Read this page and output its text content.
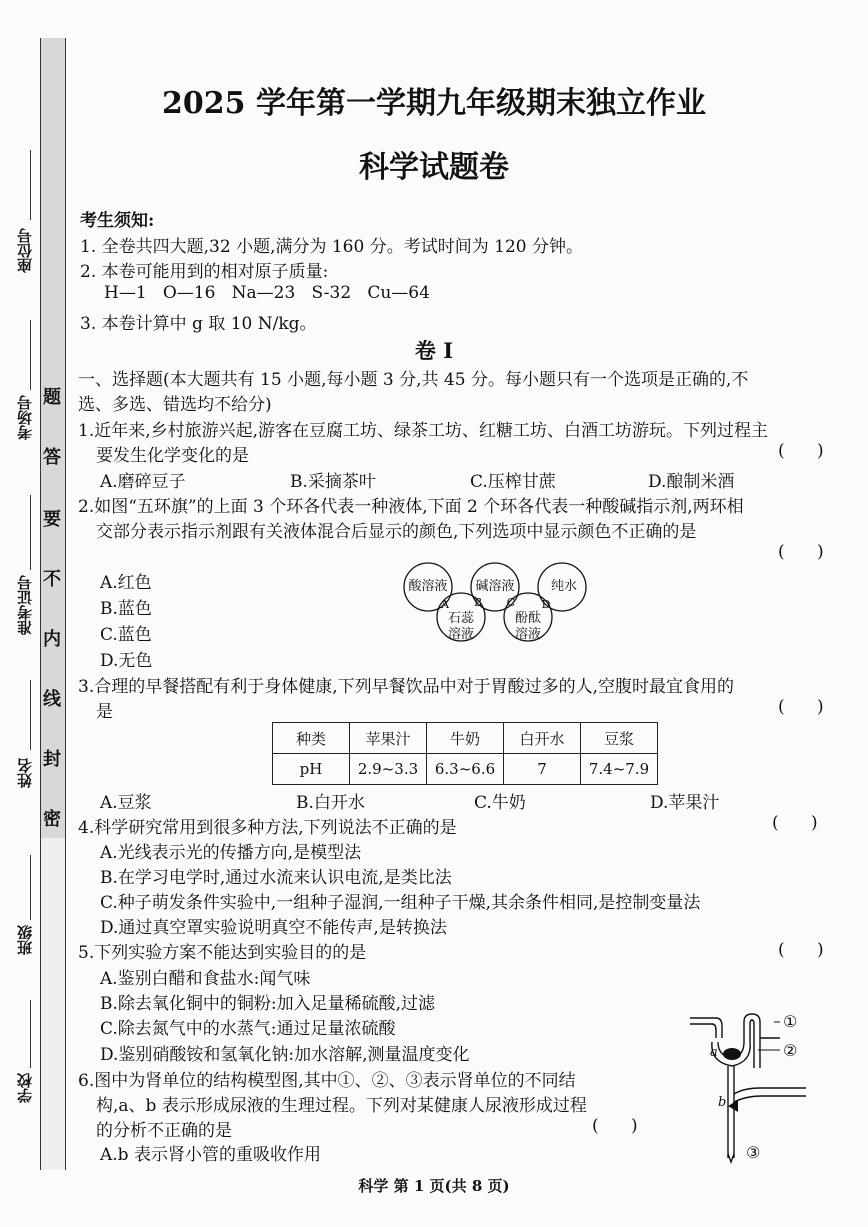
题
答
要
不
内
线
封
密
座位号
考场号
准考证号
姓名
班级
学校
2025 学年第一学期九年级期末独立作业
科学试题卷
考生须知:
1. 全卷共四大题,32 小题,满分为 160 分。考试时间为 120 分钟。
2. 本卷可能用到的相对原子质量:
H—1   O—16   Na—23   S-32   Cu—64
3. 本卷计算中 g 取 10 N/kg。
卷 I
一、选择题(本大题共有 15 小题,每小题 3 分,共 45 分。每小题只有一个选项是正确的,不
选、多选、错选均不给分)
1.近年来,乡村旅游兴起,游客在豆腐工坊、绿茶工坊、红糖工坊、白酒工坊游玩。下列过程主
要发生化学变化的是	(      )
A.磨碎豆子	B.采摘茶叶	C.压榨甘蔗	D.酿制米酒
2.如图“五环旗”的上面 3 个环各代表一种液体,下面 2 个环各代表一种酸碱指示剂,两环相
交部分表示指示剂跟有关液体混合后显示的颜色,下列选项中显示颜色不正确的是
(      )
A.红色
B.蓝色
C.蓝色
D.无色
酸溶液 碱溶液	纯水
石蕊
溶液
酚酞
溶液
A B C D
3.合理的早餐搭配有利于身体健康,下列早餐饮品中对于胃酸过多的人,空腹时最宜食用的
是	(      )
种类	苹果汁	牛奶	白开水	豆浆
pH	2.9~3.3	6.3~6.6	7	7.4~7.9
A.豆浆	B.白开水	C.牛奶	D.苹果汁
4.科学研究常用到很多种方法,下列说法不正确的是	(      )
A.光线表示光的传播方向,是模型法
B.在学习电学时,通过水流来认识电流,是类比法
C.种子萌发条件实验中,一组种子湿润,一组种子干燥,其余条件相同,是控制变量法
D.通过真空罩实验说明真空不能传声,是转换法
5.下列实验方案不能达到实验目的的是	(      )
A.鉴别白醋和食盐水:闻气味
B.除去氧化铜中的铜粉:加入足量稀硫酸,过滤
C.除去氮气中的水蒸气:通过足量浓硫酸
D.鉴别硝酸铵和氢氧化钠:加水溶解,测量温度变化
6.图中为肾单位的结构模型图,其中①、②、③表示肾单位的不同结
构,a、b 表示形成尿液的生理过程。下列对某健康人尿液形成过程
的分析不正确的是	(      )
A.b 表示肾小管的重吸收作用
①
②
③
a
b
科学 第 1 页(共 8 页)
